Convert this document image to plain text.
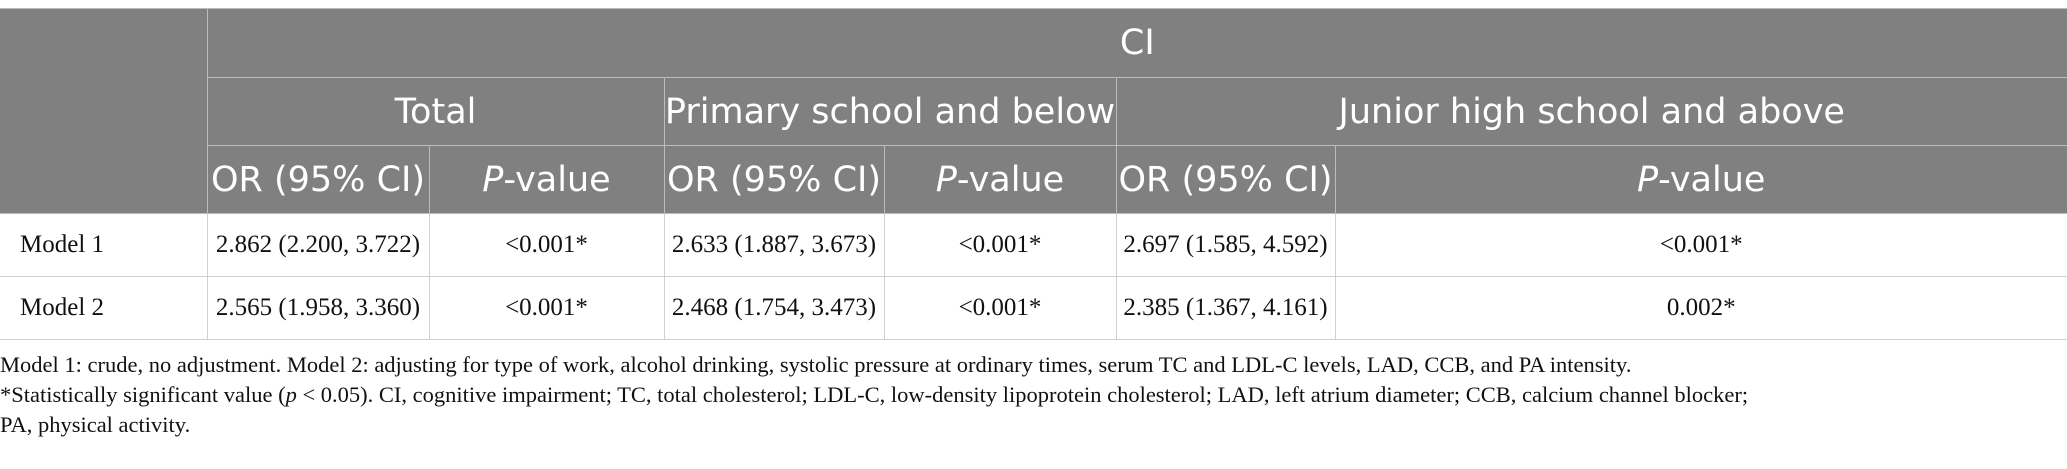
	CI					
	Total		Primary school and below		Junior high school and above	
	OR (95% CI)	P-value	OR (95% CI)	P-value	OR (95% CI)	P-value
Model 1	2.862 (2.200, 3.722)	<0.001*	2.633 (1.887, 3.673)	<0.001*	2.697 (1.585, 4.592)	<0.001*
Model 2	2.565 (1.958, 3.360)	<0.001*	2.468 (1.754, 3.473)	<0.001*	2.385 (1.367, 4.161)	0.002*

Model 1: crude, no adjustment. Model 2: adjusting for type of work, alcohol drinking, systolic pressure at ordinary times, serum TC and LDL-C levels, LAD, CCB, and PA intensity.

*Statistically significant value (p < 0.05). CI, cognitive impairment; TC, total cholesterol; LDL-C, low-density lipoprotein cholesterol; LAD, left atrium diameter; CCB, calcium channel blocker;

PA, physical activity.
